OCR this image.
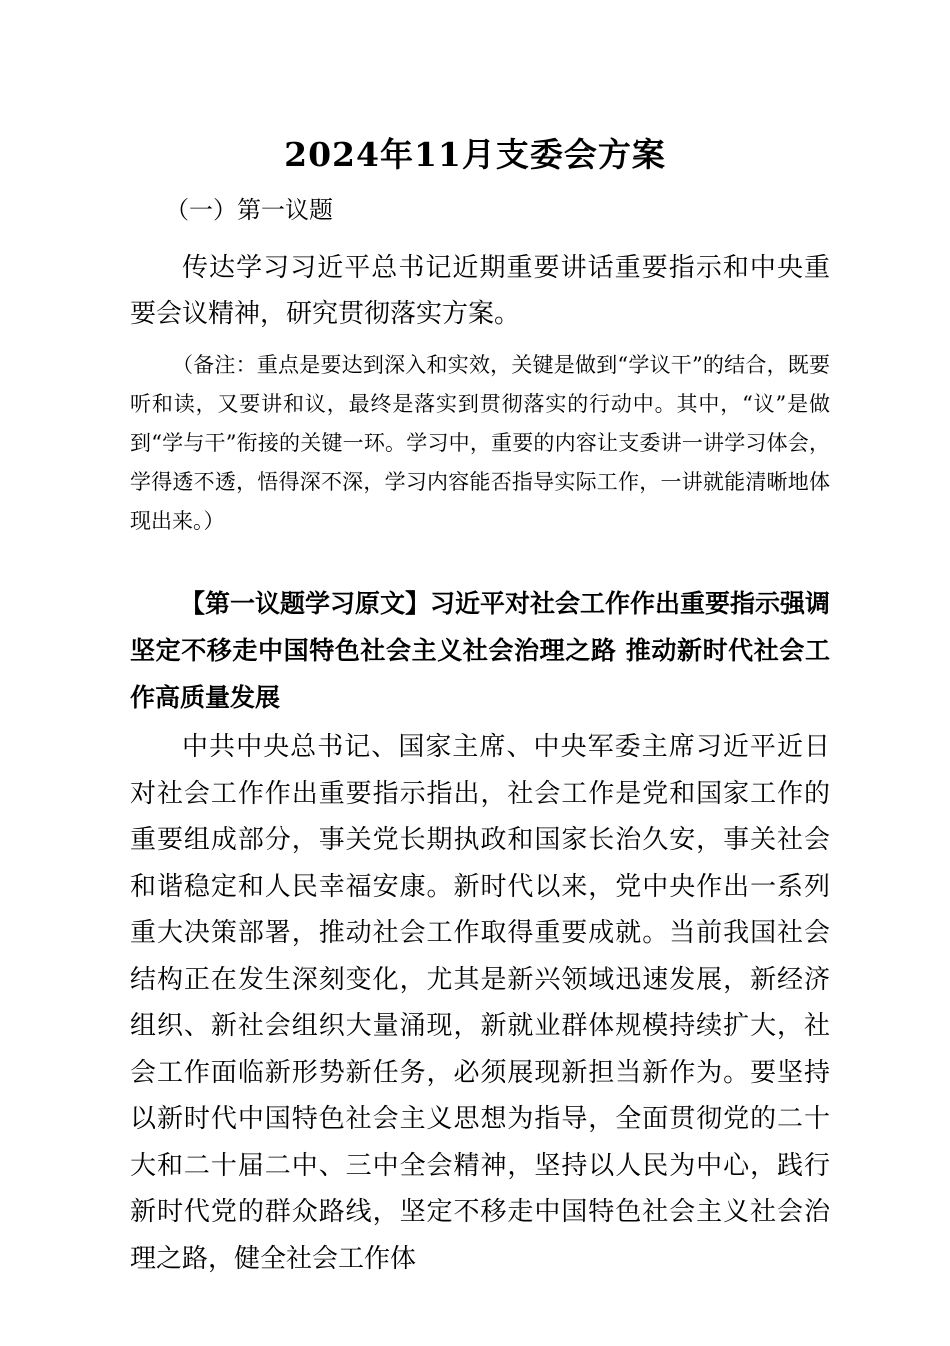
2024年11月支委会方案

（一）第一议题

传达学习习近平总书记近期重要讲话重要指示和中央重要会议精神，研究贯彻落实方案。

（备注：重点是要达到深入和实效，关键是做到“学议干”的结合，既要听和读，又要讲和议，最终是落实到贯彻落实的行动中。其中，“议”是做到“学与干”衔接的关键一环。学习中，重要的内容让支委讲一讲学习体会，学得透不透，悟得深不深，学习内容能否指导实际工作，一讲就能清晰地体现出来。）

【第一议题学习原文】习近平对社会工作作出重要指示强调 坚定不移走中国特色社会主义社会治理之路 推动新时代社会工作高质量发展

中共中央总书记、国家主席、中央军委主席习近平近日对社会工作作出重要指示指出，社会工作是党和国家工作的重要组成部分，事关党长期执政和国家长治久安，事关社会和谐稳定和人民幸福安康。新时代以来，党中央作出一系列重大决策部署，推动社会工作取得重要成就。当前我国社会结构正在发生深刻变化，尤其是新兴领域迅速发展，新经济组织、新社会组织大量涌现，新就业群体规模持续扩大，社会工作面临新形势新任务，必须展现新担当新作为。要坚持以新时代中国特色社会主义思想为指导，全面贯彻党的二十大和二十届二中、三中全会精神，坚持以人民为中心，践行新时代党的群众路线，坚定不移走中国特色社会主义社会治理之路，健全社会工作体
